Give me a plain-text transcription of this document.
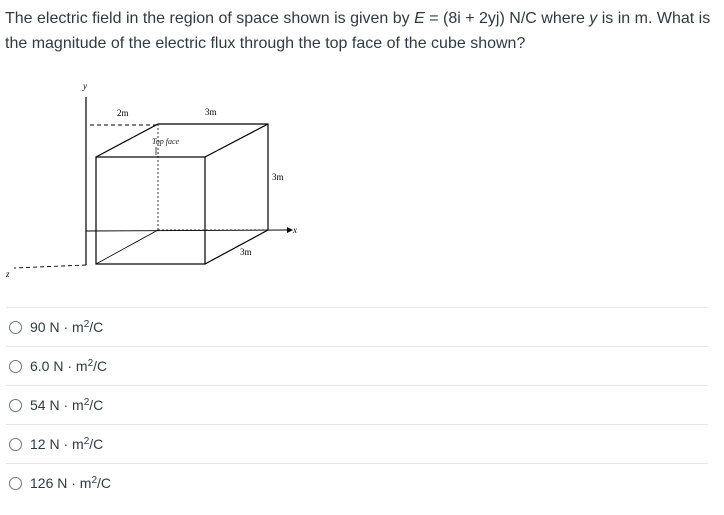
The electric field in the region of space shown is given by E = (8i + 2yj) N/C where y is in m. What is the magnitude of the electric flux through the top face of the cube shown?
y
z
x
2m	3m
3m
3m
Top face
90 $N \cdot m^2/C$
6.0 $N \cdot m^2/C$
54 $N \cdot m^2/C$
12 $N \cdot m^2/C$
126 $N \cdot m^2/C$
